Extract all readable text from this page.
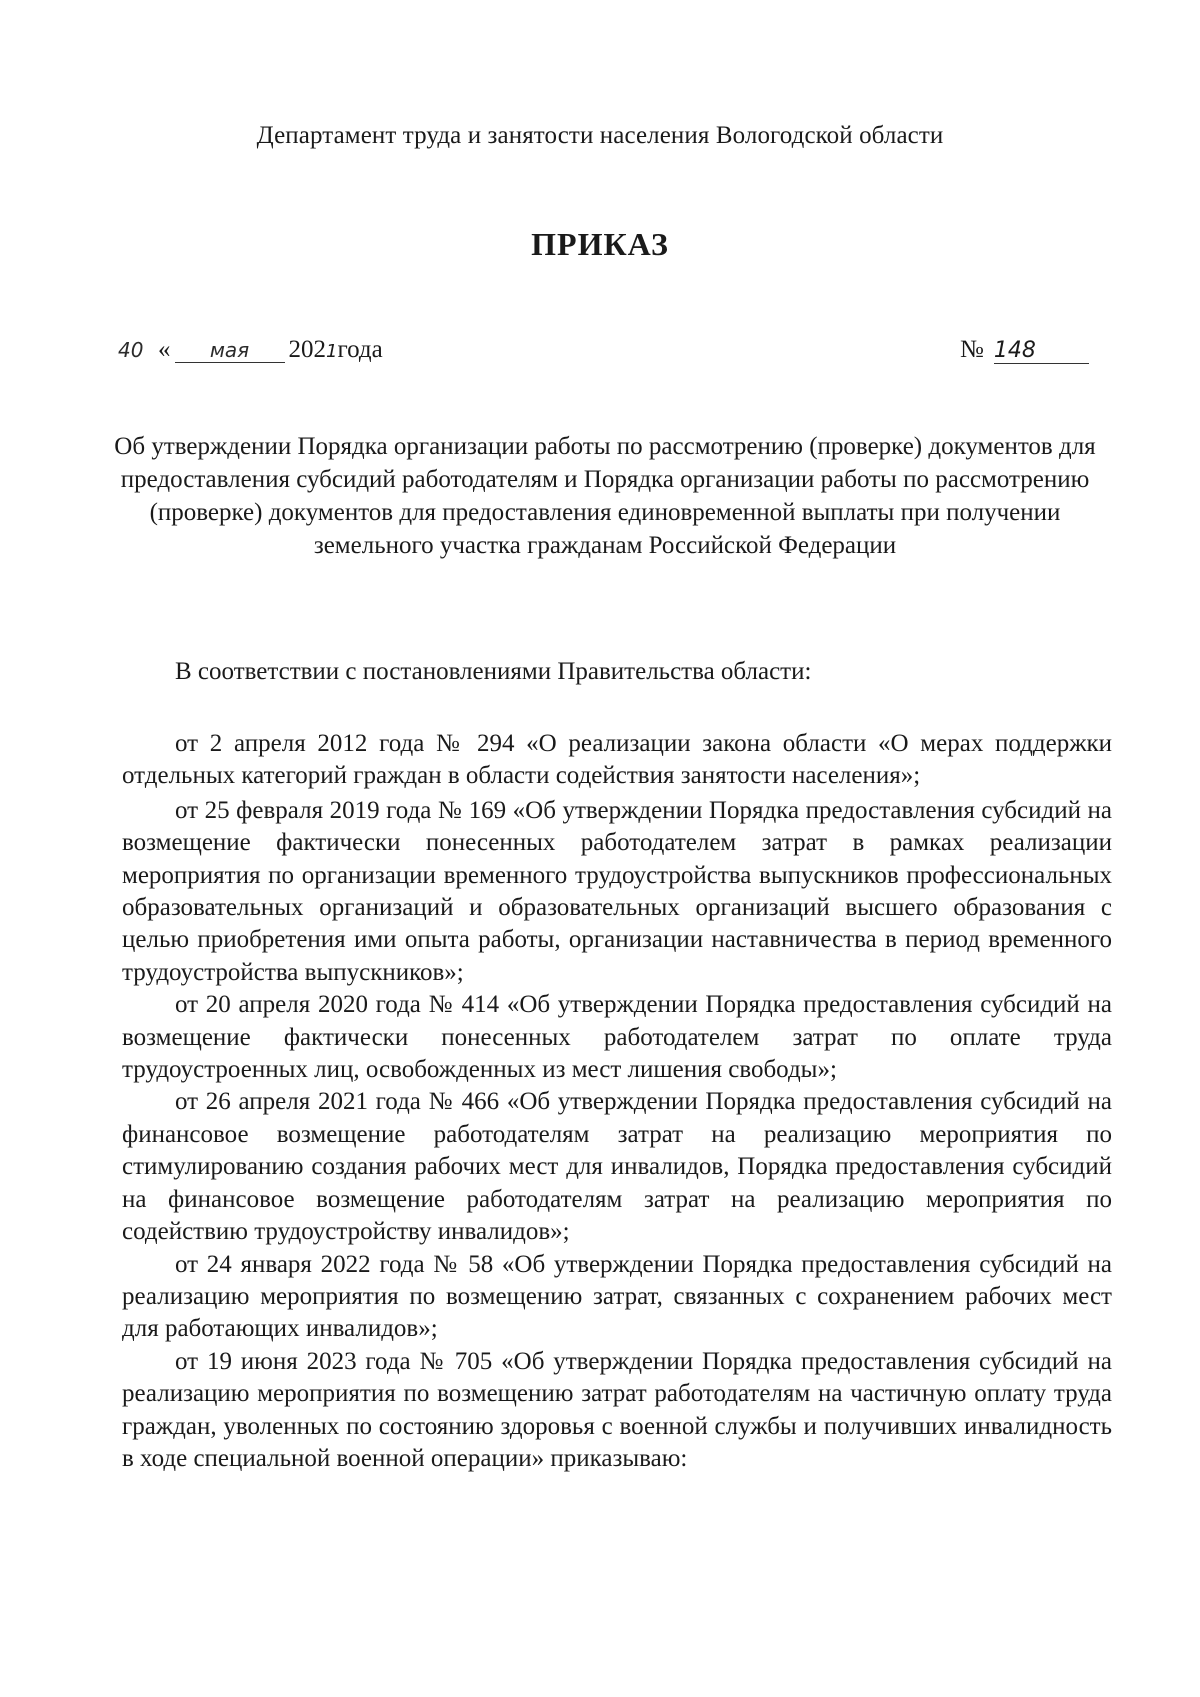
Департамент труда и занятости населения Вологодской области
ПРИКАЗ
40 « мая 2021года	№ 148
Об утверждении Порядка организации работы по рассмотрению (проверке) документов для предоставления субсидий работодателям и Порядка организации работы по рассмотрению (проверке) документов для предоставления единовременной выплаты при получении земельного участка гражданам Российской Федерации
В соответствии с постановлениями Правительства области:

от 2 апреля 2012 года № 294 «О реализации закона области «О мерах поддержки отдельных категорий граждан в области содействия занятости населения»;

от 25 февраля 2019 года № 169 «Об утверждении Порядка предоставления субсидий на возмещение фактически понесенных работодателем затрат в рамках реализации мероприятия по организации временного трудоустройства выпускников профессиональных образовательных организаций и образовательных организаций высшего образования с целью приобретения ими опыта работы, организации наставничества в период временного трудоустройства выпускников»;

от 20 апреля 2020 года № 414 «Об утверждении Порядка предоставления субсидий на возмещение фактически понесенных работодателем затрат по оплате труда трудоустроенных лиц, освобожденных из мест лишения свободы»;

от 26 апреля 2021 года № 466 «Об утверждении Порядка предоставления субсидий на финансовое возмещение работодателям затрат на реализацию мероприятия по стимулированию создания рабочих мест для инвалидов, Порядка предоставления субсидий на финансовое возмещение работодателям затрат на реализацию мероприятия по содействию трудоустройству инвалидов»;

от 24 января 2022 года № 58 «Об утверждении Порядка предоставления субсидий на реализацию мероприятия по возмещению затрат, связанных с сохранением рабочих мест для работающих инвалидов»;

от 19 июня 2023 года № 705 «Об утверждении Порядка предоставления субсидий на реализацию мероприятия по возмещению затрат работодателям на частичную оплату труда граждан, уволенных по состоянию здоровья с военной службы и получивших инвалидность в ходе специальной военной операции» приказываю:
